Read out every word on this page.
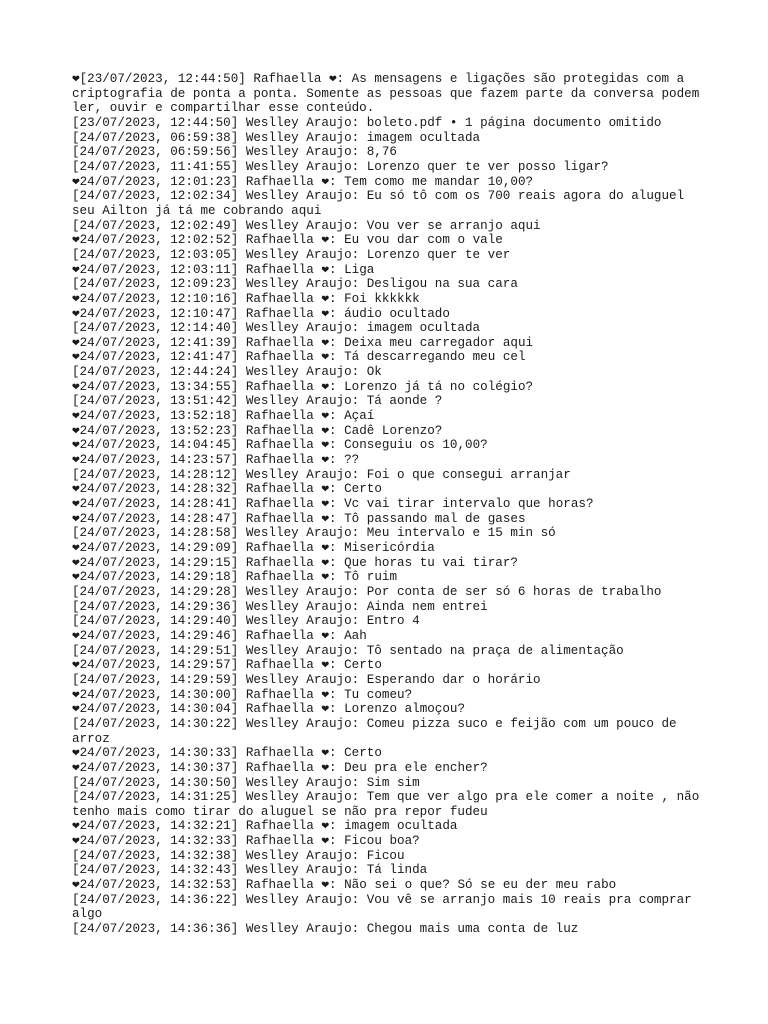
❤[23/07/2023, 12:44:50] Rafhaella ❤: As mensagens e ligações são protegidas com a criptografia de ponta a ponta. Somente as pessoas que fazem parte da conversa podem ler, ouvir e compartilhar esse conteúdo.
[23/07/2023, 12:44:50] Weslley Araujo: boleto.pdf • 1 página documento omitido
[24/07/2023, 06:59:38] Weslley Araujo: imagem ocultada
[24/07/2023, 06:59:56] Weslley Araujo: 8,76
[24/07/2023, 11:41:55] Weslley Araujo: Lorenzo quer te ver posso ligar?
❤24/07/2023, 12:01:23] Rafhaella ❤: Tem como me mandar 10,00?
[24/07/2023, 12:02:34] Weslley Araujo: Eu só tô com os 700 reais agora do aluguel seu Ailton já tá me cobrando aqui
[24/07/2023, 12:02:49] Weslley Araujo: Vou ver se arranjo aqui
❤24/07/2023, 12:02:52] Rafhaella ❤: Eu vou dar com o vale
[24/07/2023, 12:03:05] Weslley Araujo: Lorenzo quer te ver
❤24/07/2023, 12:03:11] Rafhaella ❤: Liga
[24/07/2023, 12:09:23] Weslley Araujo: Desligou na sua cara
❤24/07/2023, 12:10:16] Rafhaella ❤: Foi kkkkkk
❤24/07/2023, 12:10:47] Rafhaella ❤: áudio ocultado
[24/07/2023, 12:14:40] Weslley Araujo: imagem ocultada
❤24/07/2023, 12:41:39] Rafhaella ❤: Deixa meu carregador aqui
❤24/07/2023, 12:41:47] Rafhaella ❤: Tá descarregando meu cel
[24/07/2023, 12:44:24] Weslley Araujo: Ok
❤24/07/2023, 13:34:55] Rafhaella ❤: Lorenzo já tá no colégio?
[24/07/2023, 13:51:42] Weslley Araujo: Tá aonde ?
❤24/07/2023, 13:52:18] Rafhaella ❤: Açaí
❤24/07/2023, 13:52:23] Rafhaella ❤: Cadê Lorenzo?
❤24/07/2023, 14:04:45] Rafhaella ❤: Conseguiu os 10,00?
❤24/07/2023, 14:23:57] Rafhaella ❤: ??
[24/07/2023, 14:28:12] Weslley Araujo: Foi o que consegui arranjar
❤24/07/2023, 14:28:32] Rafhaella ❤: Certo
❤24/07/2023, 14:28:41] Rafhaella ❤: Vc vai tirar intervalo que horas?
❤24/07/2023, 14:28:47] Rafhaella ❤: Tô passando mal de gases
[24/07/2023, 14:28:58] Weslley Araujo: Meu intervalo e 15 min só
❤24/07/2023, 14:29:09] Rafhaella ❤: Misericórdia
❤24/07/2023, 14:29:15] Rafhaella ❤: Que horas tu vai tirar?
❤24/07/2023, 14:29:18] Rafhaella ❤: Tô ruim
[24/07/2023, 14:29:28] Weslley Araujo: Por conta de ser só 6 horas de trabalho
[24/07/2023, 14:29:36] Weslley Araujo: Ainda nem entrei
[24/07/2023, 14:29:40] Weslley Araujo: Entro 4
❤24/07/2023, 14:29:46] Rafhaella ❤: Aah
[24/07/2023, 14:29:51] Weslley Araujo: Tô sentado na praça de alimentação
❤24/07/2023, 14:29:57] Rafhaella ❤: Certo
[24/07/2023, 14:29:59] Weslley Araujo: Esperando dar o horário
❤24/07/2023, 14:30:00] Rafhaella ❤: Tu comeu?
❤24/07/2023, 14:30:04] Rafhaella ❤: Lorenzo almoçou?
[24/07/2023, 14:30:22] Weslley Araujo: Comeu pizza suco e feijão com um pouco de arroz
❤24/07/2023, 14:30:33] Rafhaella ❤: Certo
❤24/07/2023, 14:30:37] Rafhaella ❤: Deu pra ele encher?
[24/07/2023, 14:30:50] Weslley Araujo: Sim sim
[24/07/2023, 14:31:25] Weslley Araujo: Tem que ver algo pra ele comer a noite , não tenho mais como tirar do aluguel se não pra repor fudeu
❤24/07/2023, 14:32:21] Rafhaella ❤: imagem ocultada
❤24/07/2023, 14:32:33] Rafhaella ❤: Ficou boa?
[24/07/2023, 14:32:38] Weslley Araujo: Ficou
[24/07/2023, 14:32:43] Weslley Araujo: Tá linda
❤24/07/2023, 14:32:53] Rafhaella ❤: Não sei o que? Só se eu der meu rabo
[24/07/2023, 14:36:22] Weslley Araujo: Vou vê se arranjo mais 10 reais pra comprar algo
[24/07/2023, 14:36:36] Weslley Araujo: Chegou mais uma conta de luz
